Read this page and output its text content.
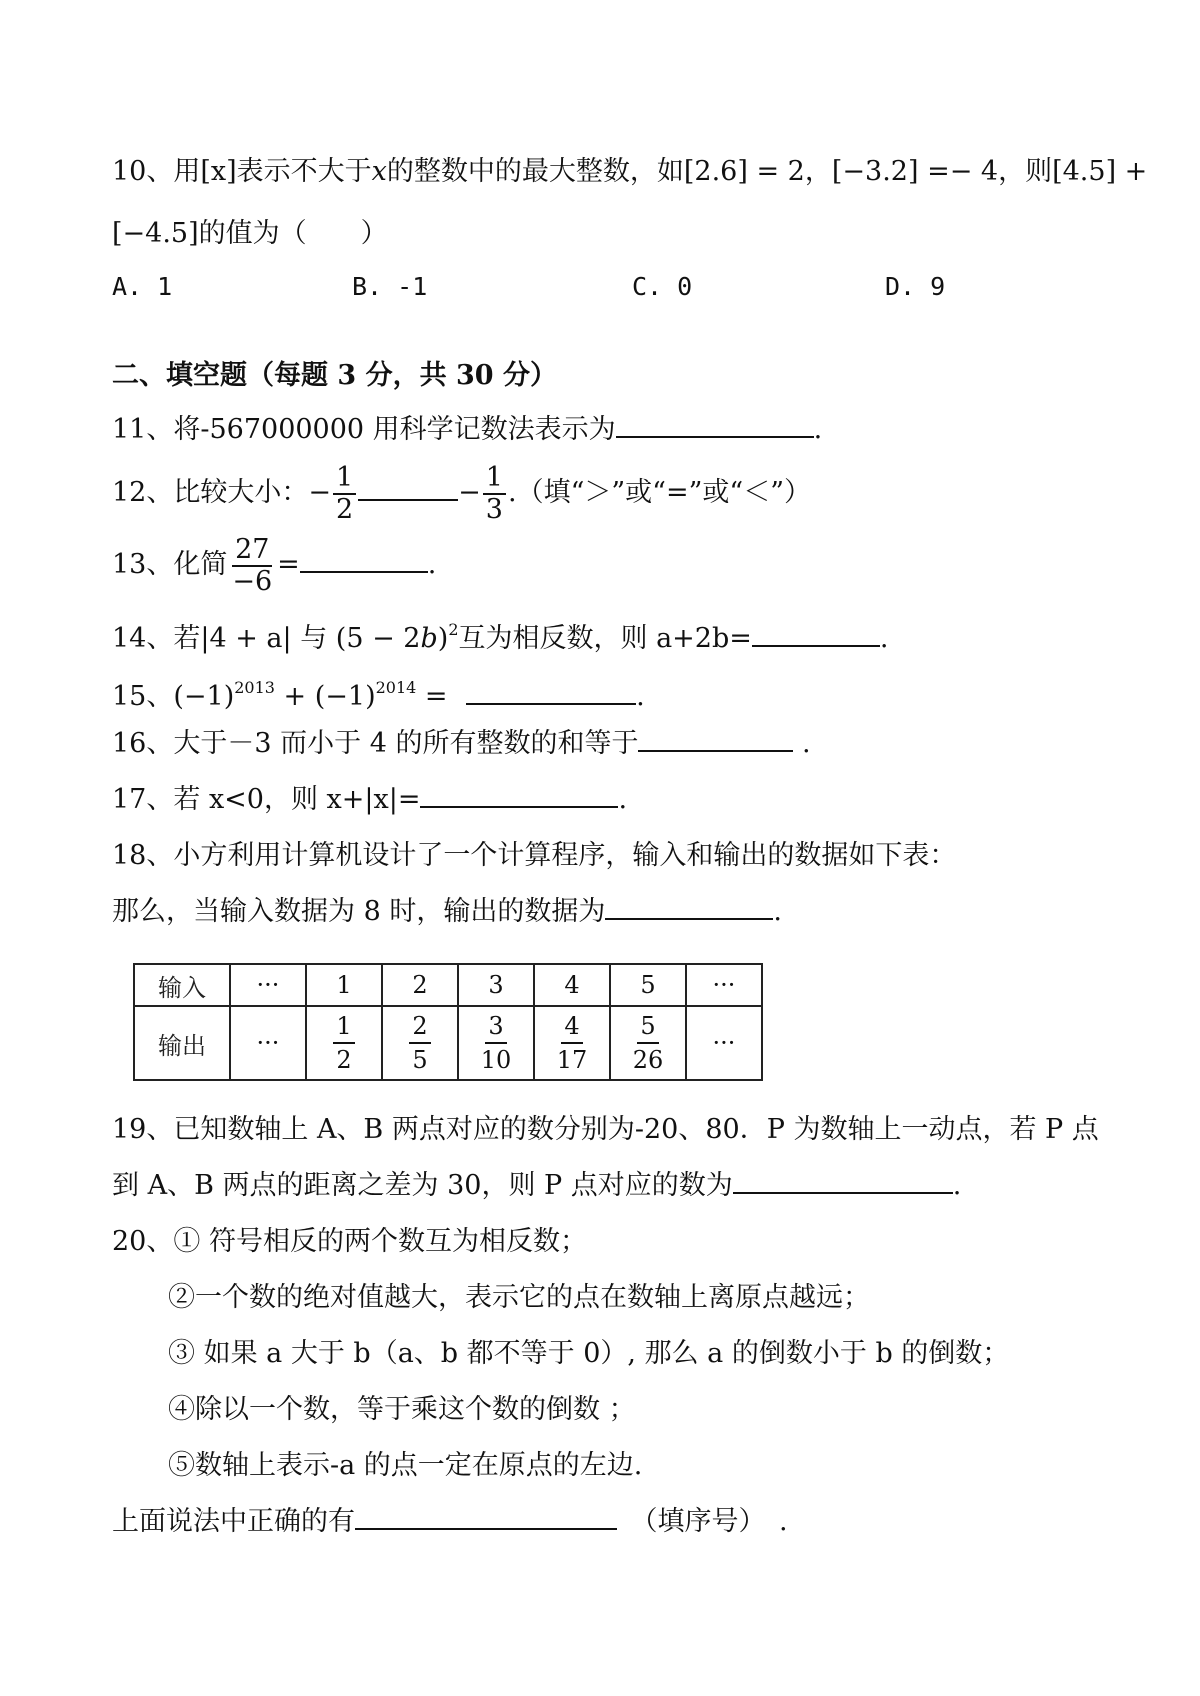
10、用[x]表示不大于x的整数中的最大整数，如[2.6] = 2，[−3.2] =− 4，则[4.5] +
[−4.5]的值为（　　）
A. 1	B. -1	C. 0	D. 9
二、填空题（每题 3 分，共 30 分）
11、将-567000000 用科学记数法表示为	.
12、比较大小：− $\frac{1}{2}$	− $\frac{1}{3}$ .（填“＞”或“=”或“＜”）
13、化简 $\frac{27}{-6}$ =	.
14、若|4 + a| 与 $(5 - 2b)^2$互为相反数，则 a+2b=	.
15、$(-1)^{2013} + (-1)^{2014}$ =	.
16、大于－3 而小于 4 的所有整数的和等于	.
17、若 x<0，则 x+|x|=	.
18、小方利用计算机设计了一个计算程序，输入和输出的数据如下表：
那么，当输入数据为 8 时，输出的数据为	.
输入	···	1	2	3	4	5	···
输出	···	$\frac{1}{2}$	$\frac{2}{5}$	$\frac{3}{10}$	$\frac{4}{17}$	$\frac{5}{26}$	···
19、已知数轴上 A、B 两点对应的数分别为-20、80．P 为数轴上一动点，若 P 点
到 A、B 两点的距离之差为 30，则 P 点对应的数为	.
20、① 符号相反的两个数互为相反数；
②一个数的绝对值越大，表示它的点在数轴上离原点越远；
③ 如果 a 大于 b（a、b 都不等于 0）, 那么 a 的倒数小于 b 的倒数；
④除以一个数，等于乘这个数的倒数 ；
⑤数轴上表示-a 的点一定在原点的左边.
上面说法中正确的有	　（填序号）　.
